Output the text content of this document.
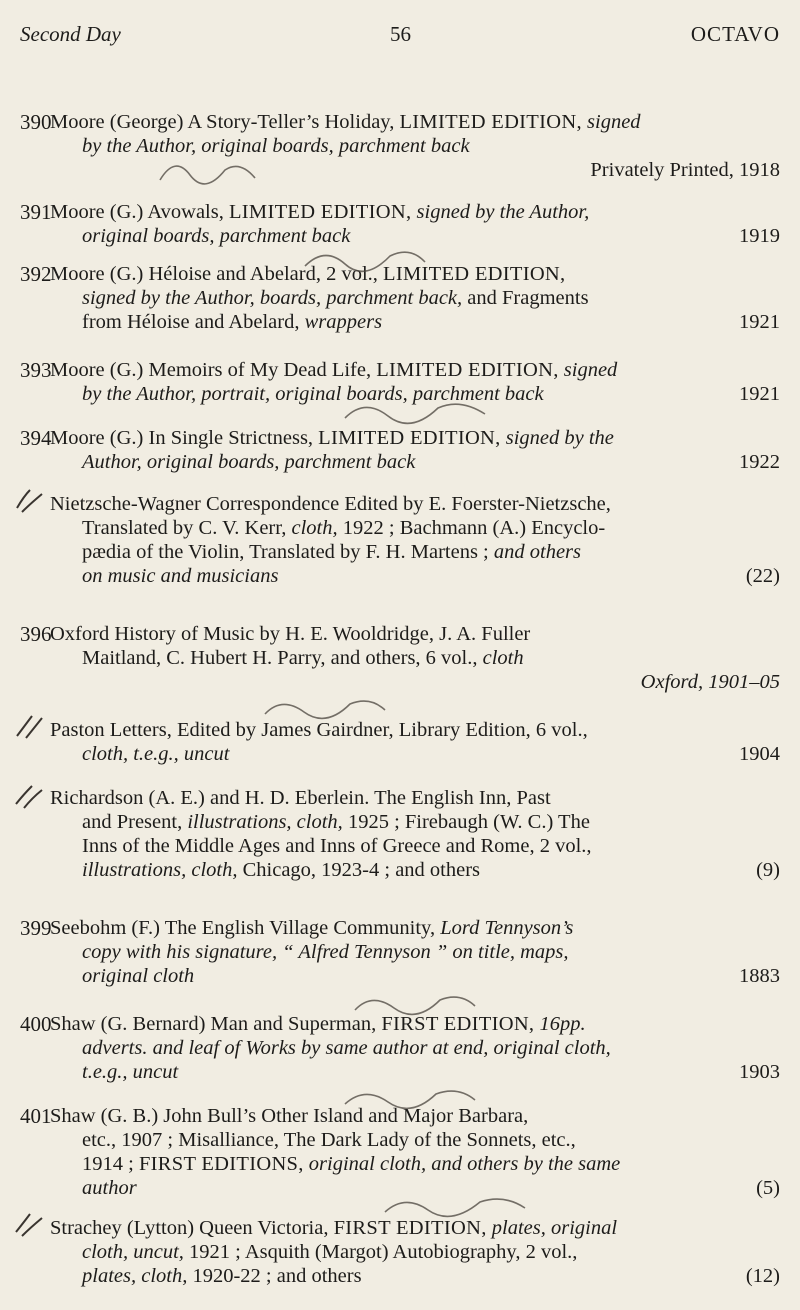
Second Day	56	OCTAVO
390
Moore (George) A Story-Teller’s Holiday, LIMITED EDITION, signed
by the Author, original boards, parchment back
Privately Printed, 1918

391
Moore (G.) Avowals, LIMITED EDITION, signed by the Author,
original boards, parchment back	1919
392
Moore (G.) Héloise and Abelard, 2 vol., LIMITED EDITION,
signed by the Author, boards, parchment back, and Fragments
from Héloise and Abelard, wrappers	1921
393
Moore (G.) Memoirs of My Dead Life, LIMITED EDITION, signed
by the Author, portrait, original boards, parchment back	1921
394
Moore (G.) In Single Strictness, LIMITED EDITION, signed by the
Author, original boards, parchment back	1922
Nietzsche-Wagner Correspondence Edited by E. Foerster-Nietzsche,
Translated by C. V. Kerr, cloth, 1922 ; Bachmann (A.) Encyclo-
pædia of the Violin, Translated by F. H. Martens ; and others
on music and musicians	(22)
396
Oxford History of Music by H. E. Wooldridge, J. A. Fuller
Maitland, C. Hubert H. Parry, and others, 6 vol., cloth
Oxford, 1901–05

Paston Letters, Edited by James Gairdner, Library Edition, 6 vol.,
cloth, t.e.g., uncut	1904
Richardson (A. E.) and H. D. Eberlein. The English Inn, Past
and Present, illustrations, cloth, 1925 ; Firebaugh (W. C.) The
Inns of the Middle Ages and Inns of Greece and Rome, 2 vol.,
illustrations, cloth, Chicago, 1923-4 ; and others	(9)
399
Seebohm (F.) The English Village Community, Lord Tennyson’s
copy with his signature, “ Alfred Tennyson ” on title, maps,
original cloth	1883
400
Shaw (G. Bernard) Man and Superman, FIRST EDITION, 16pp.
adverts. and leaf of Works by same author at end, original cloth,
t.e.g., uncut	1903
401
Shaw (G. B.) John Bull’s Other Island and Major Barbara,
etc., 1907 ; Misalliance, The Dark Lady of the Sonnets, etc.,
1914 ; FIRST EDITIONS, original cloth, and others by the same
author	(5)
Strachey (Lytton) Queen Victoria, FIRST EDITION, plates, original
cloth, uncut, 1921 ; Asquith (Margot) Autobiography, 2 vol.,
plates, cloth, 1920-22 ; and others	(12)
